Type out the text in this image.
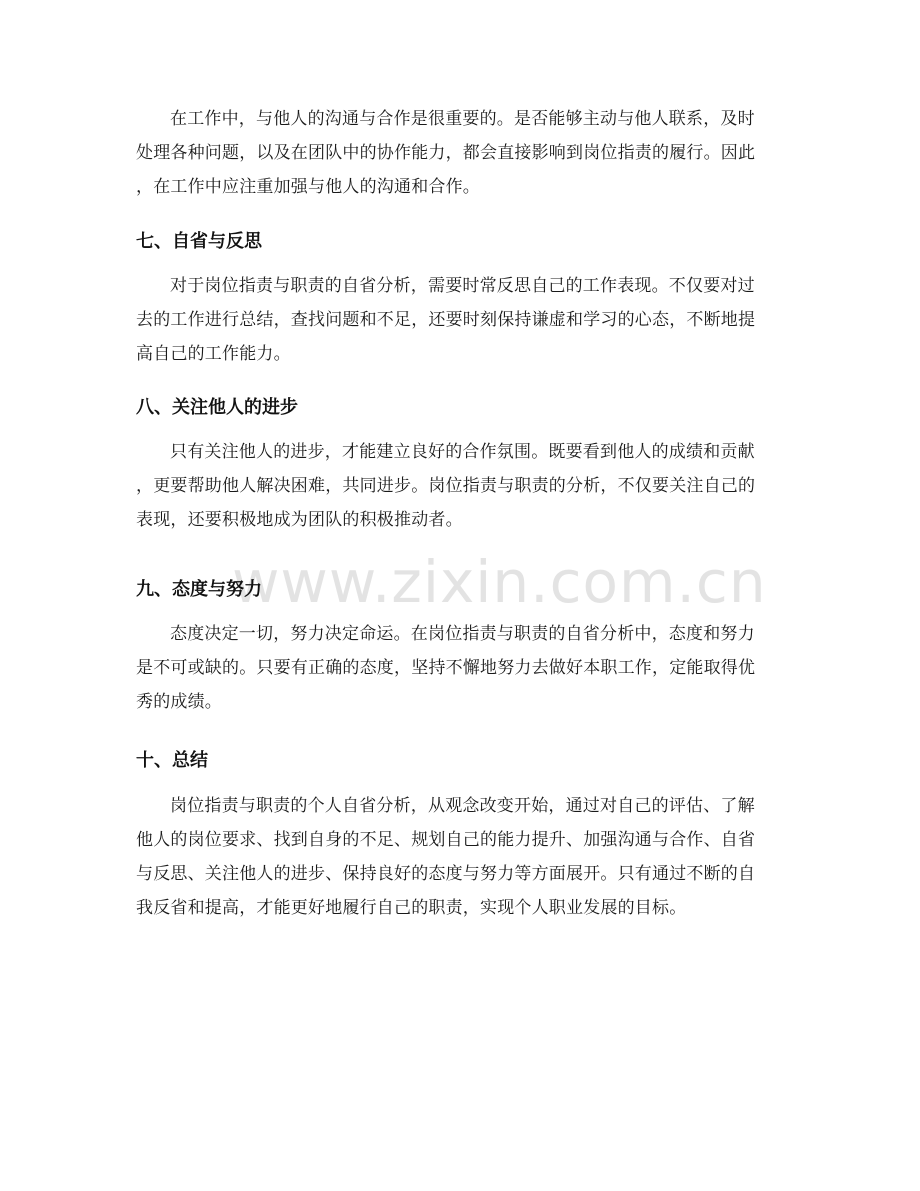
www.zixin.com.cn

在工作中，与他人的沟通与合作是很重要的。是否能够主动与他人联系，及时
处理各种问题，以及在团队中的协作能力，都会直接影响到岗位指责的履行。因此
，在工作中应注重加强与他人的沟通和合作。

七、自省与反思

对于岗位指责与职责的自省分析，需要时常反思自己的工作表现。不仅要对过
去的工作进行总结，查找问题和不足，还要时刻保持谦虚和学习的心态，不断地提
高自己的工作能力。

八、关注他人的进步

只有关注他人的进步，才能建立良好的合作氛围。既要看到他人的成绩和贡献
，更要帮助他人解决困难，共同进步。岗位指责与职责的分析，不仅要关注自己的
表现，还要积极地成为团队的积极推动者。

九、态度与努力

态度决定一切，努力决定命运。在岗位指责与职责的自省分析中，态度和努力
是不可或缺的。只要有正确的态度，坚持不懈地努力去做好本职工作，定能取得优
秀的成绩。

十、总结

岗位指责与职责的个人自省分析，从观念改变开始，通过对自己的评估、了解
他人的岗位要求、找到自身的不足、规划自己的能力提升、加强沟通与合作、自省
与反思、关注他人的进步、保持良好的态度与努力等方面展开。只有通过不断的自
我反省和提高，才能更好地履行自己的职责，实现个人职业发展的目标。
